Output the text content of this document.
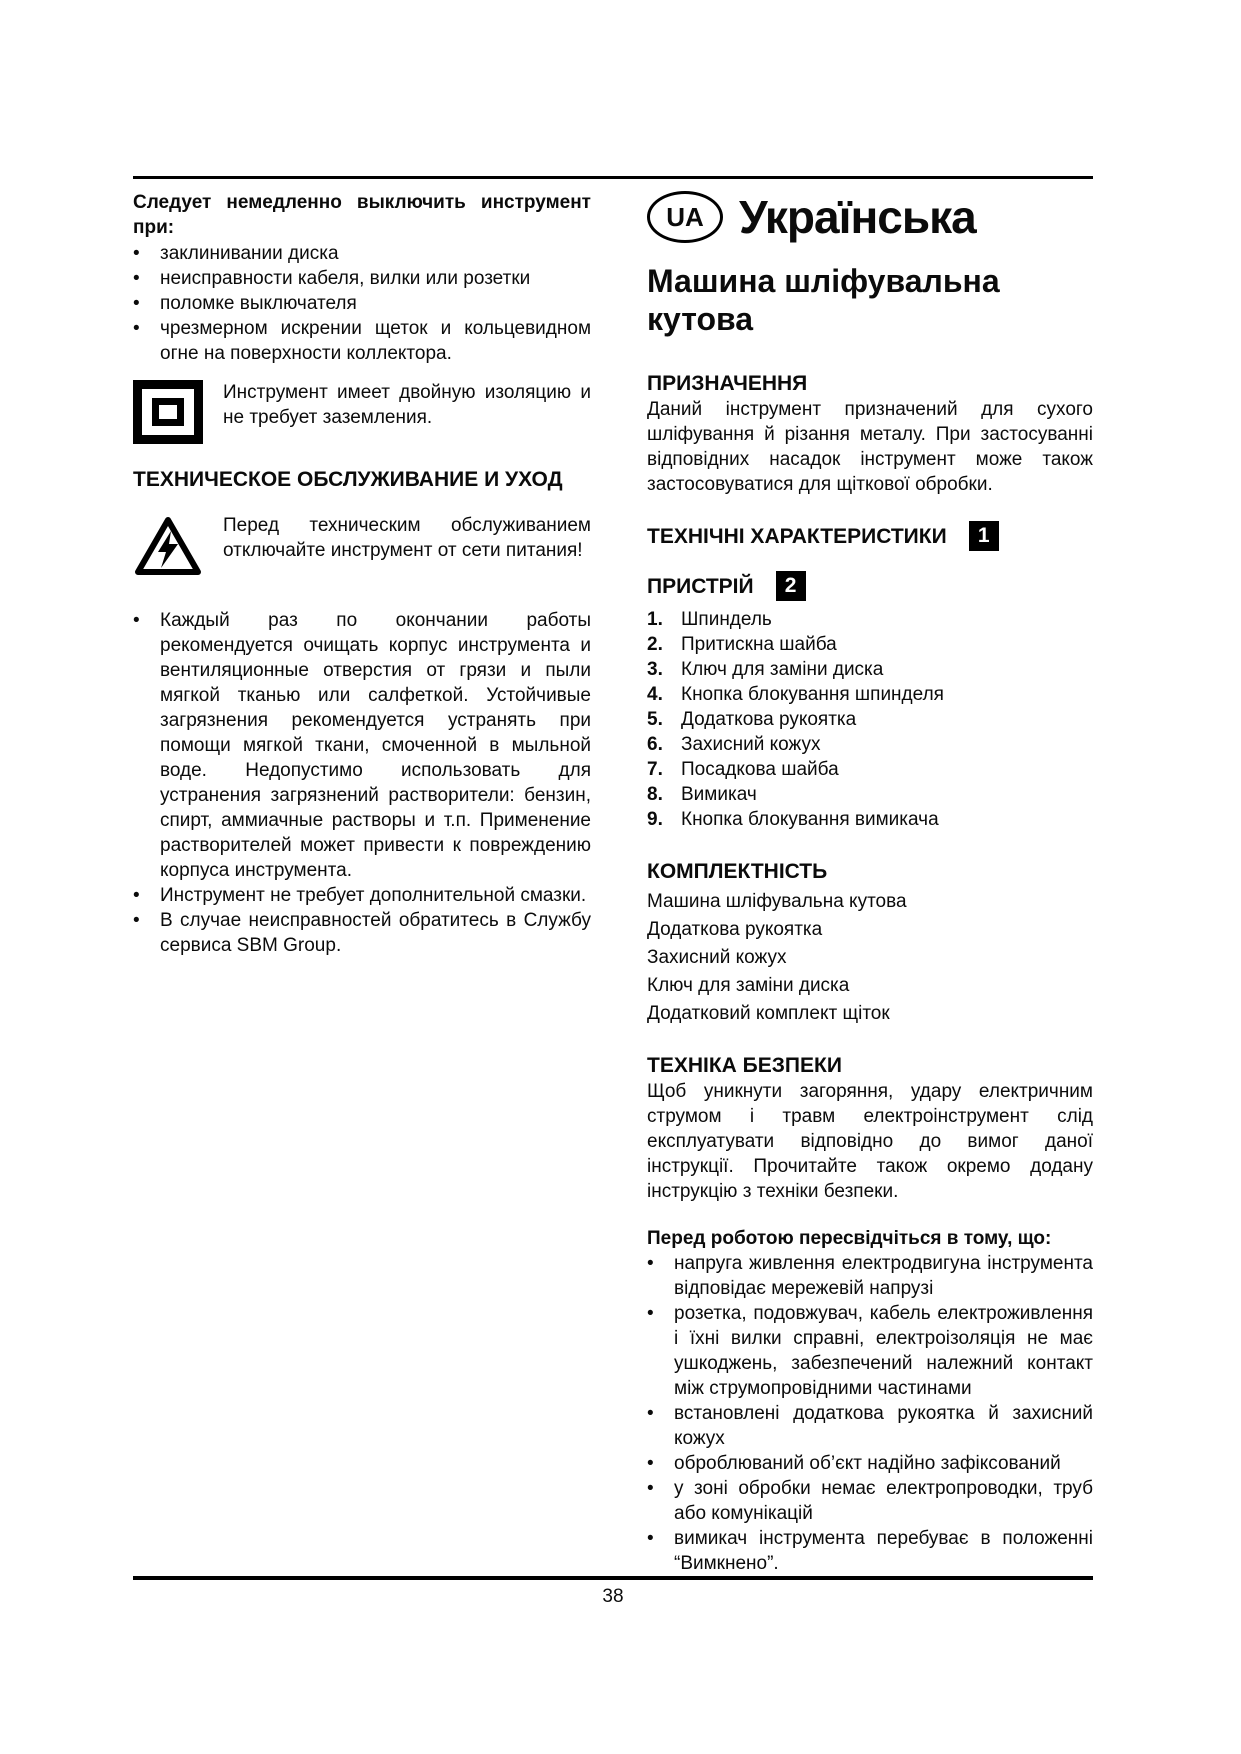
Следует немедленно выключить инструмент при:
•
заклинивании диска
•
неисправности кабеля, вилки или розетки
•
поломке выключателя
•
чрезмерном искрении щеток и кольцевидном огне на поверхности коллектора.
Инструмент имеет двойную изоляцию и не требует заземления.
ТЕХНИЧЕСКОЕ ОБСЛУЖИВАНИЕ И УХОД
Перед техническим обслуживанием отключайте инструмент от сети питания!
•
Каждый раз по окончании работы рекомендуется очищать корпус инструмента и вентиляционные отверстия от грязи и пыли мягкой тканью или салфеткой. Устойчивые загрязнения рекомендуется устранять при помощи мягкой ткани, смоченной в мыльной воде. Недопустимо использовать для устранения загрязнений растворители: бензин, спирт, аммиачные растворы и т.п. Применение растворителей может привести к повреждению корпуса инструмента.
•
Инструмент не требует дополнительной смазки.
•
В случае неисправностей обратитесь в Службу сервиса SBM Group.
UA Українська
Машина шліфувальна кутова
ПРИЗНАЧЕННЯ
Даний інструмент призначений для сухого шліфування й різання металу. При застосуванні відповідних насадок інструмент може також застосовуватися для щіткової обробки.
ТЕХНІЧНІ ХАРАКТЕРИСТИКИ	1
ПРИСТРІЙ	2
1. Шпиндель
2. Притискна шайба
3. Ключ для заміни диска
4. Кнопка блокування шпинделя
5. Додаткова рукоятка
6. Захисний кожух
7. Посадкова шайба
8. Вимикач
9. Кнопка блокування вимикача
КОМПЛЕКТНІСТЬ
Машина шліфувальна кутова
Додаткова рукоятка
Захисний кожух
Ключ для заміни диска
Додатковий комплект щіток
ТЕХНІКА БЕЗПЕКИ
Щоб уникнути загоряння, удару електричним струмом і травм електроінструмент слід експлуатувати відповідно до вимог даної інструкції. Прочитайте також окремо додану інструкцію з техніки безпеки.
Перед роботою пересвідчіться в тому, що:
•
напруга живлення електродвигуна інструмента відповідає мережевій напрузі
•
розетка, подовжувач, кабель електроживлення і їхні вилки справні, електроізоляція не має ушкоджень, забезпечений належний контакт між струмопровідними частинами
•
встановлені додаткова рукоятка й захисний кожух
•
оброблюваний об’єкт надійно зафіксований
•
у зоні обробки немає електропроводки, труб або комунікацій
•
вимикач інструмента перебуває в положенні “Вимкнено”.
38
